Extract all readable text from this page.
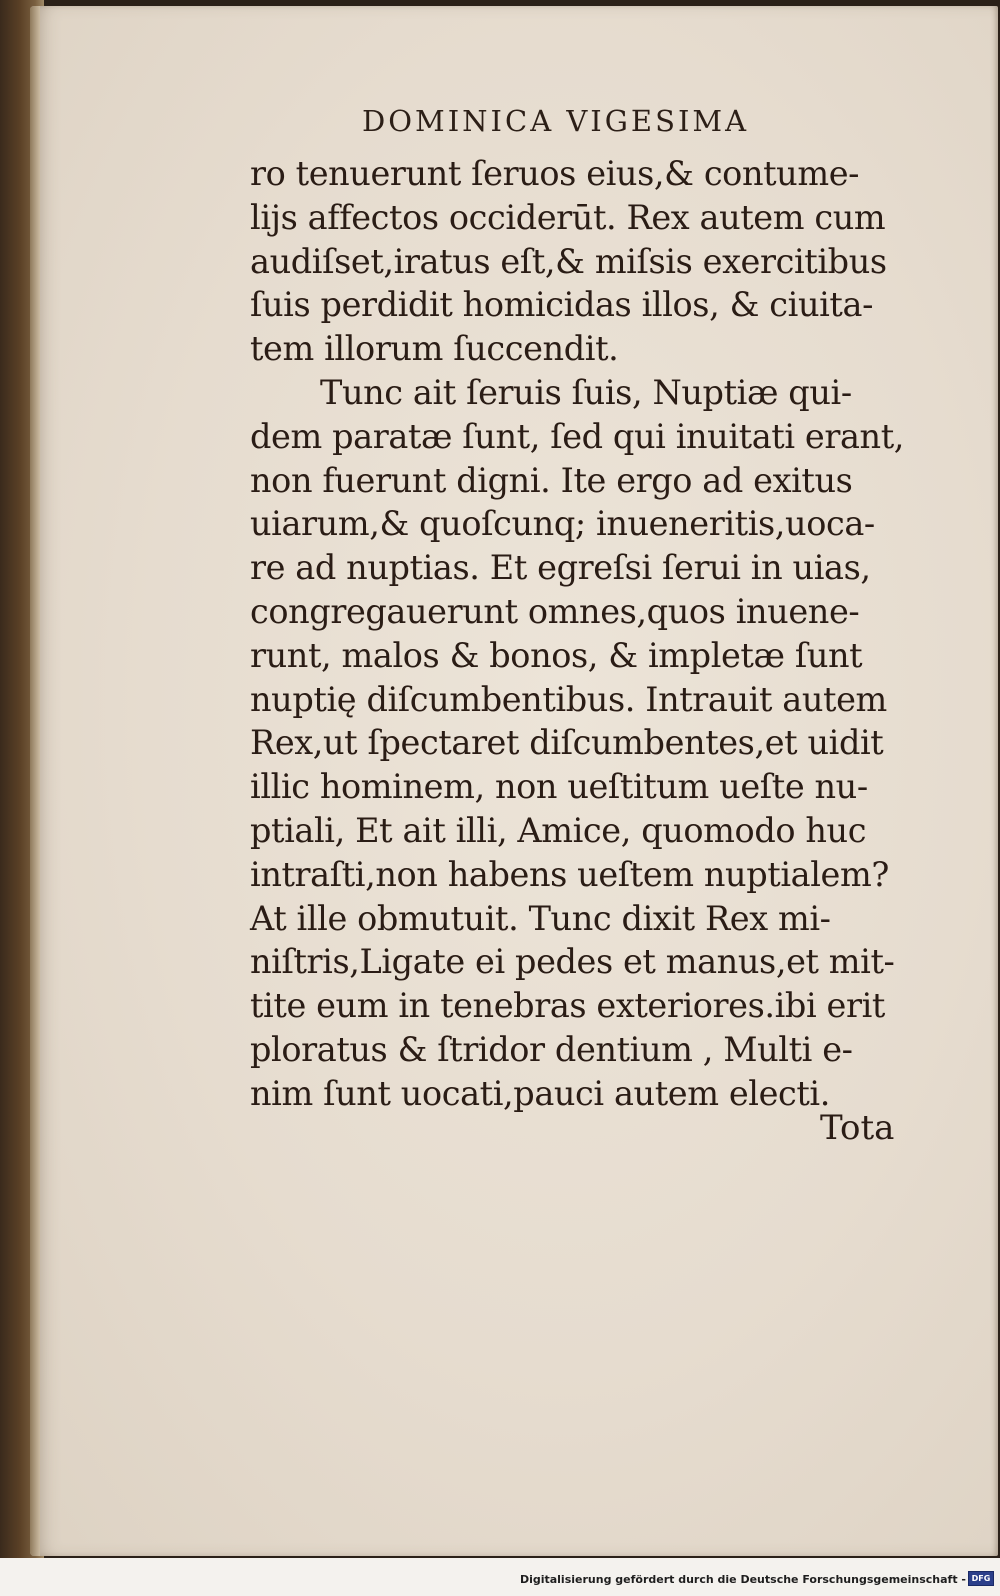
DOMINICA VIGESIMA
ro tenuerunt ſeruos eius,& contume-
lijs affectos occiderūt. Rex autem cum
audiſset,iratus eſt,& miſsis exercitibus
ſuis perdidit homicidas illos, & ciuita-
tem illorum ſuccendit.
Tunc ait ſeruis ſuis, Nuptiæ qui-
dem paratæ ſunt, ſed qui inuitati erant,
non fuerunt digni. Ite ergo ad exitus
uiarum,& quoſcunq; inueneritis,uoca-
re ad nuptias. Et egreſsi ſerui in uias,
congregauerunt omnes,quos inuene-
runt, malos & bonos, & impletæ ſunt
nuptię diſcumbentibus. Intrauit autem
Rex,ut ſpectaret diſcumbentes,et uidit
illic hominem, non ueſtitum ueſte nu-
ptiali, Et ait illi, Amice, quomodo huc
intraſti,non habens ueſtem nuptialem?
At ille obmutuit. Tunc dixit Rex mi-
niſtris,Ligate ei pedes et manus,et mit-
tite eum in tenebras exteriores.ibi erit
ploratus & ſtridor dentium , Multi e-
nim ſunt uocati,pauci autem electi.
Tota
Digitalisierung gefördert durch die Deutsche Forschungsgemeinschaft - DFG
